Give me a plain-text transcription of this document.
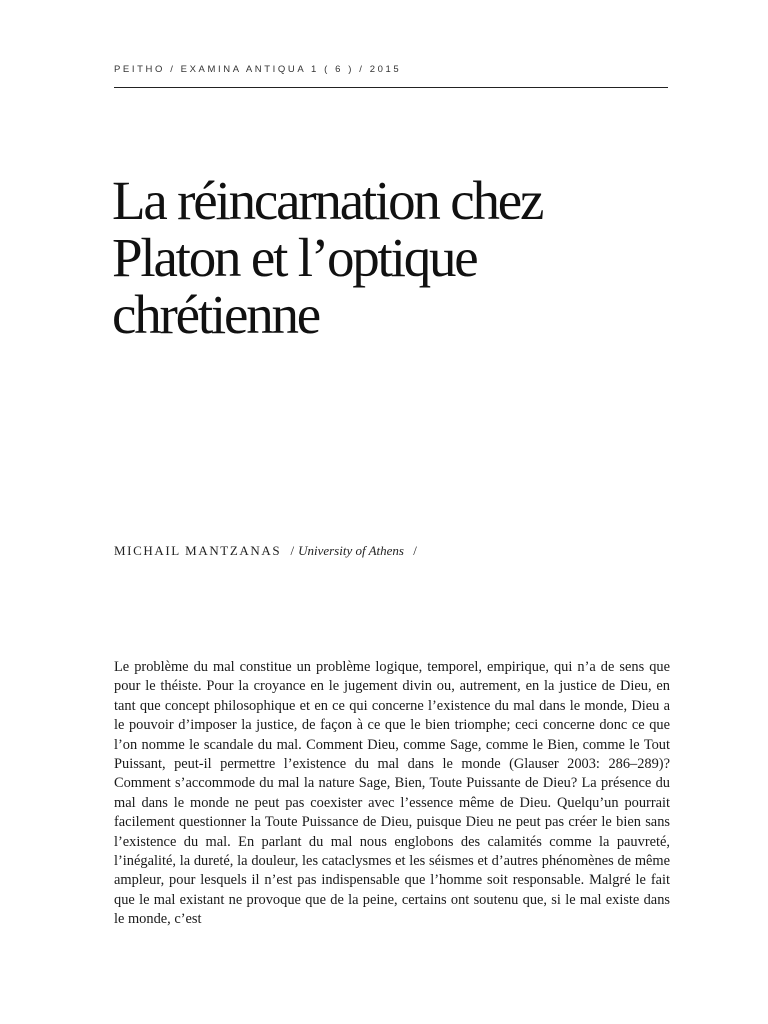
PEITHO / EXAMINA ANTIQUA 1 ( 6 ) / 2015
La réincarnation chez Platon et l’optique chrétienne
MICHAIL MANTZANAS / University of Athens /

Le problème du mal constitue un problème logique, temporel, empirique, qui n’a de sens que pour le théiste. Pour la croyance en le jugement divin ou, autrement, en la justice de Dieu, en tant que concept philosophique et en ce qui concerne l’existence du mal dans le monde, Dieu a le pouvoir d’imposer la justice, de façon à ce que le bien triomphe; ceci concerne donc ce que l’on nomme le scandale du mal. Comment Dieu, comme Sage, comme le Bien, comme le Tout Puissant, peut-il permettre l’existence du mal dans le monde (Glauser 2003: 286–289)? Comment s’accommode du mal la nature Sage, Bien, Toute Puissante de Dieu? La présence du mal dans le monde ne peut pas coexister avec l’essence même de Dieu. Quelqu’un pourrait facilement questionner la Toute Puissance de Dieu, puisque Dieu ne peut pas créer le bien sans l’existence du mal. En parlant du mal nous englobons des calamités comme la pauvreté, l’inégalité, la dureté, la douleur, les cataclysmes et les séismes et d’autres phénomènes de même ampleur, pour lesquels il n’est pas indispensable que l’homme soit responsable. Malgré le fait que le mal existant ne provoque que de la peine, certains ont soutenu que, si le mal existe dans le monde, c’est
